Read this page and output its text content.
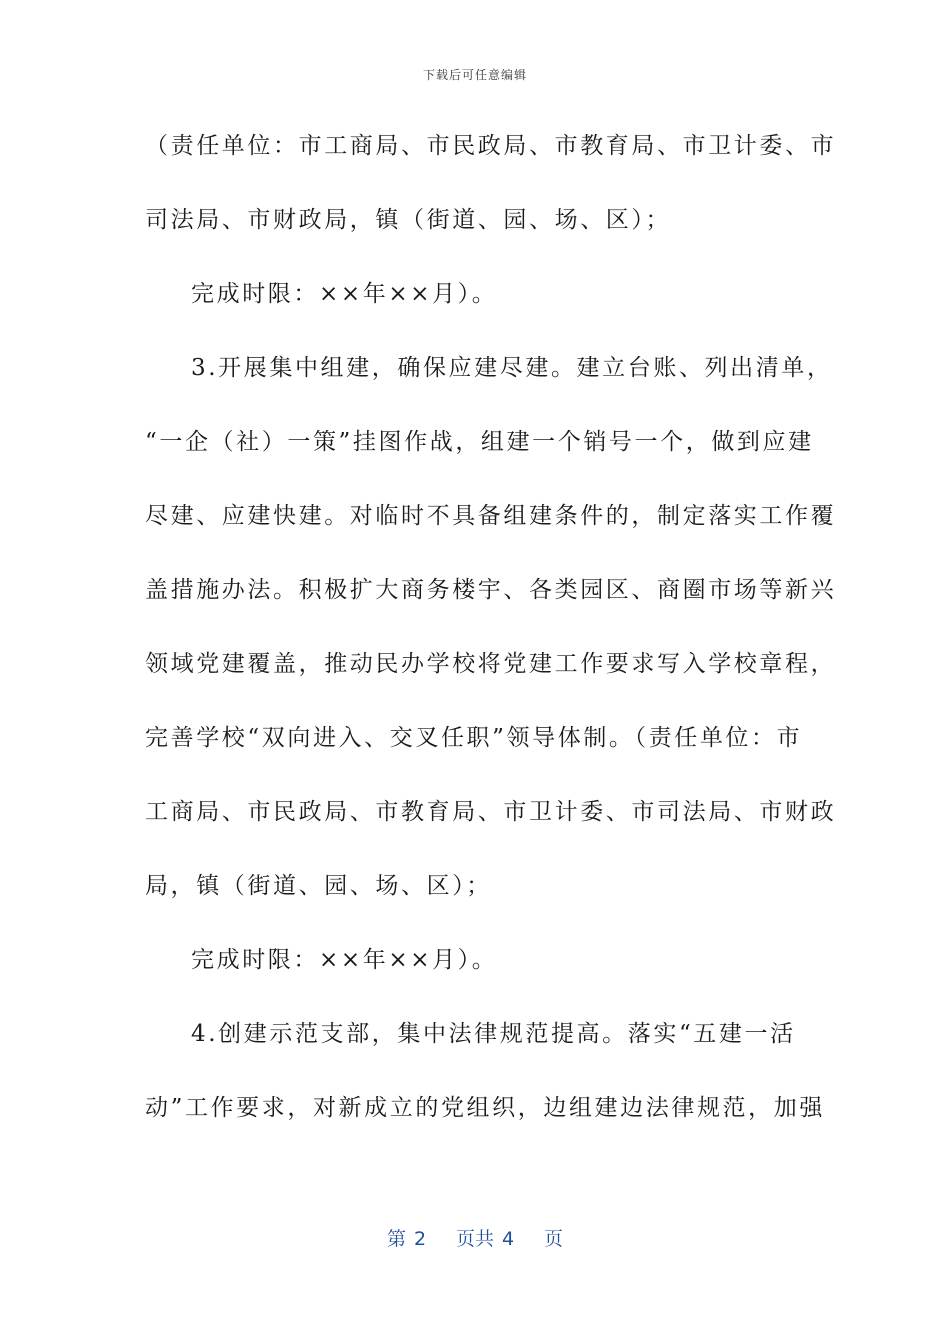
下载后可任意编辑
（责任单位：市工商局、市民政局、市教育局、市卫计委、市
司法局、市财政局，镇（街道、园、场、区）；
完成时限：××年××月）。
3.开展集中组建，确保应建尽建。建立台账、列出清单，
“一企（社）一策”挂图作战，组建一个销号一个，做到应建
尽建、应建快建。对临时不具备组建条件的，制定落实工作覆
盖措施办法。积极扩大商务楼宇、各类园区、商圈市场等新兴
领域党建覆盖，推动民办学校将党建工作要求写入学校章程，
完善学校“双向进入、交叉任职”领导体制。（责任单位：市
工商局、市民政局、市教育局、市卫计委、市司法局、市财政
局，镇（街道、园、场、区）；
完成时限：××年××月）。
4.创建示范支部，集中法律规范提高。落实“五建一活
动”工作要求，对新成立的党组织，边组建边法律规范，加强
第 2 页共 4 页
